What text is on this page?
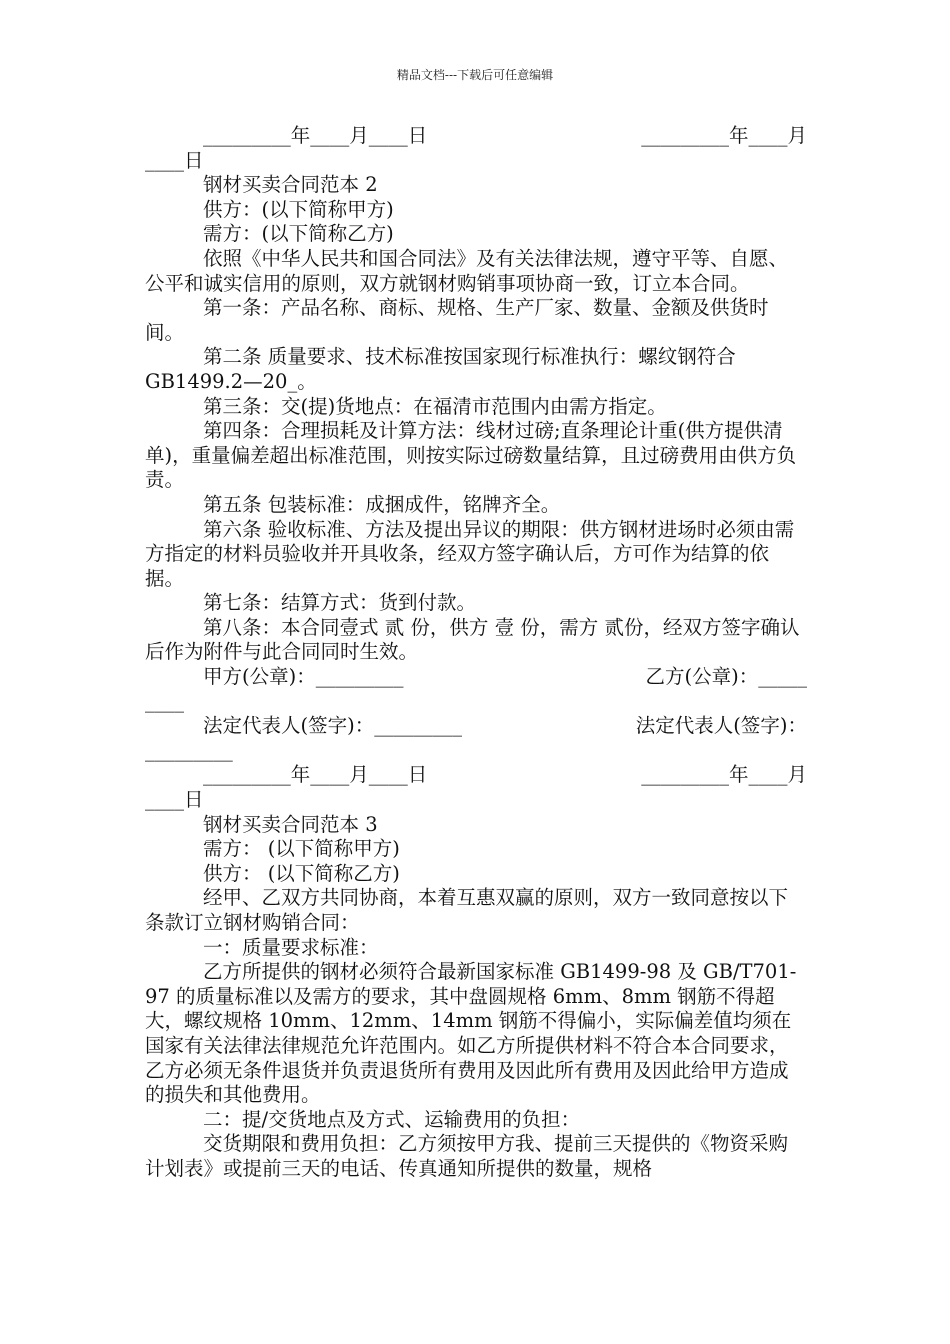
精品文档---下载后可任意编辑
_________年____月____日	_________年____月

____日

钢材买卖合同范本 2

供方：(以下简称甲方)

需方：(以下简称乙方)

依照《中华人民共和国合同法》及有关法律法规，遵守平等、自愿、公平和诚实信用的原则，双方就钢材购销事项协商一致，订立本合同。

第一条：产品名称、商标、规格、生产厂家、数量、金额及供货时间。

第二条 质量要求、技术标准按国家现行标准执行：螺纹钢符合 GB1499.2—20_。

第三条：交(提)货地点：在福清市范围内由需方指定。

第四条：合理损耗及计算方法：线材过磅;直条理论计重(供方提供清单)，重量偏差超出标准范围，则按实际过磅数量结算，且过磅费用由供方负责。

第五条 包装标准：成捆成件，铭牌齐全。

第六条 验收标准、方法及提出异议的期限：供方钢材进场时必须由需方指定的材料员验收并开具收条，经双方签字确认后，方可作为结算的依据。

第七条：结算方式：货到付款。

第八条：本合同壹式 贰 份，供方 壹 份，需方 贰份，经双方签字确认后作为附件与此合同同时生效。

甲方(公章)：_________	乙方(公章)：_____

____

法定代表人(签字)：_________	法定代表人(签字)：

_________

_________年____月____日	_________年____月

____日

钢材买卖合同范本 3

需方： (以下简称甲方)

供方： (以下简称乙方)

经甲、乙双方共同协商，本着互惠双赢的原则，双方一致同意按以下条款订立钢材购销合同：

一：质量要求标准：

乙方所提供的钢材必须符合最新国家标准 GB1499-98 及 GB/T701-97 的质量标准以及需方的要求，其中盘圆规格 6mm、8mm 钢筋不得超大，螺纹规格 10mm、12mm、14mm 钢筋不得偏小，实际偏差值均须在国家有关法律法律规范允许范围内。如乙方所提供材料不符合本合同要求，乙方必须无条件退货并负责退货所有费用及因此所有费用及因此给甲方造成的损失和其他费用。

二：提/交货地点及方式、运输费用的负担：

交货期限和费用负担：乙方须按甲方我、提前三天提供的《物资采购计划表》或提前三天的电话、传真通知所提供的数量，规格
